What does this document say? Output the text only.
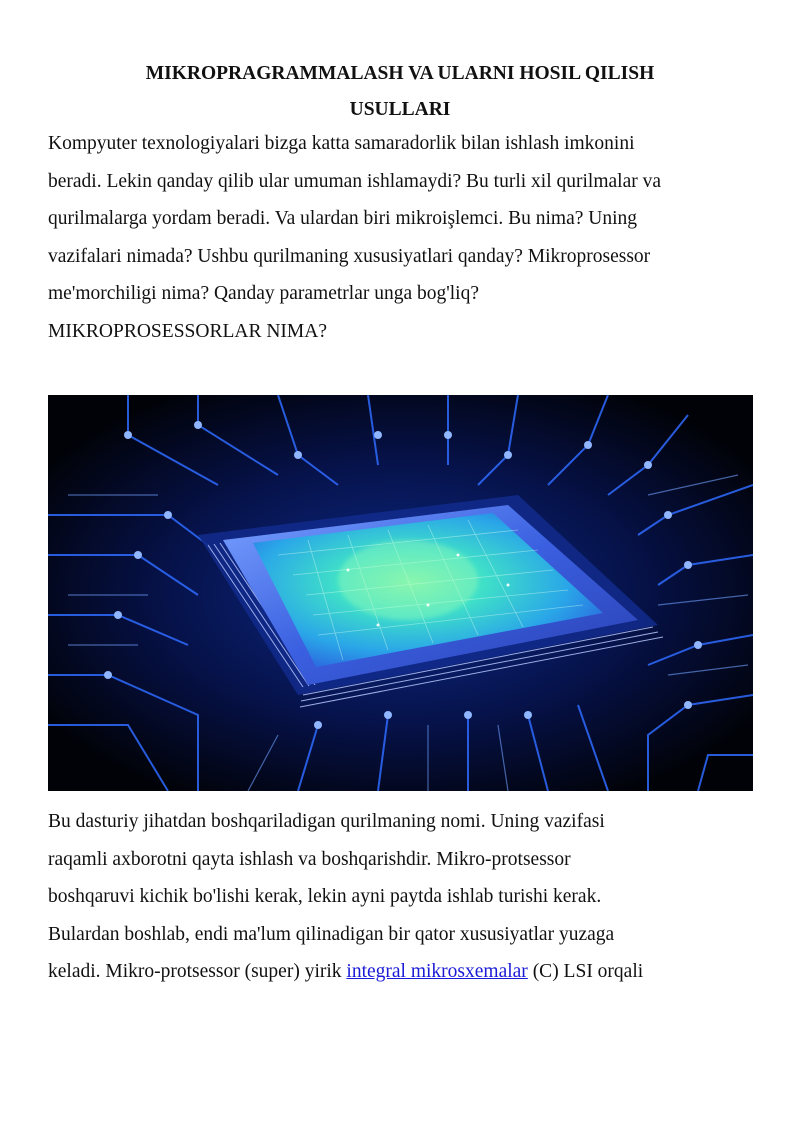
MIKROPRAGRAMMALASH VA ULARNI HOSIL QILISH
USULLARI

Kompyuter texnologiyalari bizga katta samaradorlik bilan ishlash imkonini
beradi. Lekin qanday qilib ular umuman ishlamaydi? Bu turli xil qurilmalar va
qurilmalarga yordam beradi. Va ulardan biri mikroişlemci. Bu nima? Uning
vazifalari nimada? Ushbu qurilmaning xususiyatlari qanday? Mikroprosessor
me'morchiligi nima? Qanday parametrlar unga bog'liq?
MIKROPROSESSORLAR NIMA?

Bu dasturiy jihatdan boshqariladigan qurilmaning nomi. Uning vazifasi
raqamli axborotni qayta ishlash va boshqarishdir. Mikro-protsessor
boshqaruvi kichik bo'lishi kerak, lekin ayni paytda ishlab turishi kerak.
Bulardan boshlab, endi ma'lum qilinadigan bir qator xususiyatlar yuzaga
keladi. Mikro-protsessor (super) yirik integral mikrosxemalar (C) LSI orqali
